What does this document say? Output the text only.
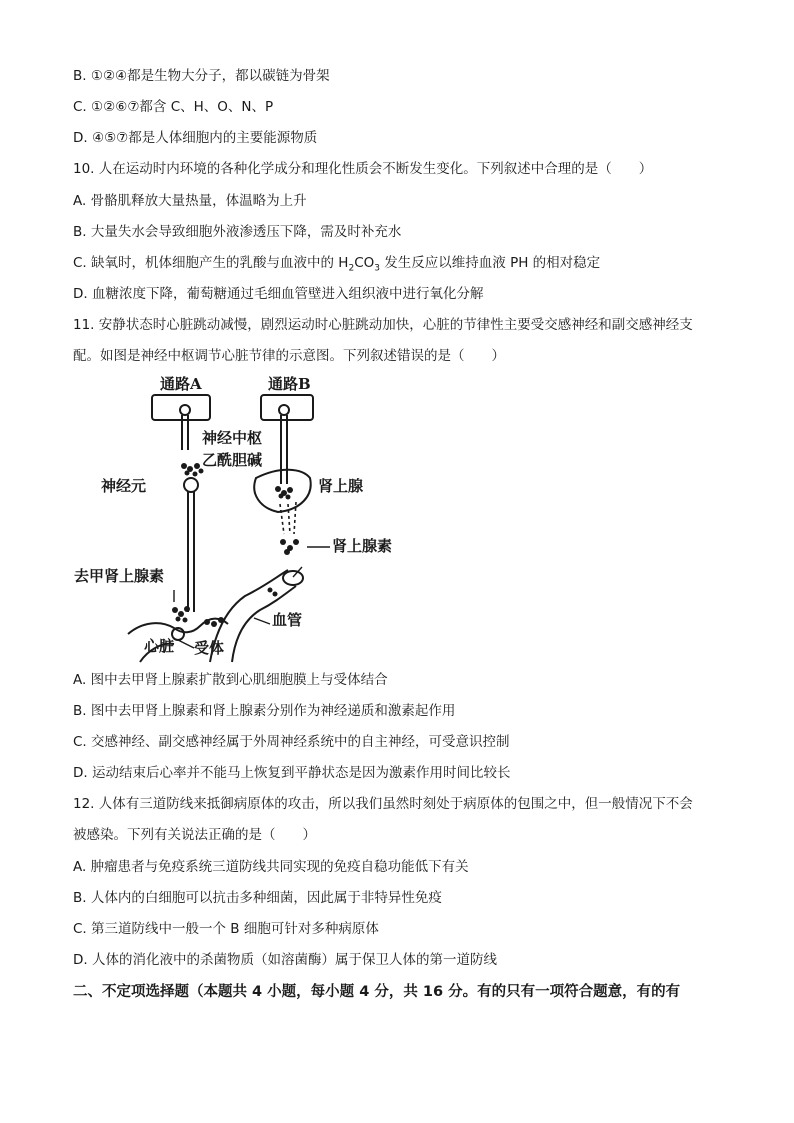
B. ①②④都是生物大分子，都以碳链为骨架
C. ①②⑥⑦都含 C、H、O、N、P
D. ④⑤⑦都是人体细胞内的主要能源物质
10. 人在运动时内环境的各种化学成分和理化性质会不断发生变化。下列叙述中合理的是（　　）
A. 骨骼肌释放大量热量，体温略为上升
B. 大量失水会导致细胞外液渗透压下降，需及时补充水
C. 缺氧时，机体细胞产生的乳酸与血液中的 $H_2CO_3$ 发生反应以维持血液 PH 的相对稳定
D. 血糖浓度下降，葡萄糖通过毛细血管壁进入组织液中进行氧化分解
11. 安静状态时心脏跳动减慢，剧烈运动时心脏跳动加快，心脏的节律性主要受交感神经和副交感神经支
配。如图是神经中枢调节心脏节律的示意图。下列叙述错误的是（　　）
通路A	通路B
神经中枢
乙酰胆碱
神经元	肾上腺
肾上腺素
去甲肾上腺素
血管
心脏 受体
A. 图中去甲肾上腺素扩散到心肌细胞膜上与受体结合
B. 图中去甲肾上腺素和肾上腺素分别作为神经递质和激素起作用
C. 交感神经、副交感神经属于外周神经系统中的自主神经，可受意识控制
D. 运动结束后心率并不能马上恢复到平静状态是因为激素作用时间比较长
12. 人体有三道防线来抵御病原体的攻击，所以我们虽然时刻处于病原体的包围之中，但一般情况下不会
被感染。下列有关说法正确的是（　　）
A. 肿瘤患者与免疫系统三道防线共同实现的免疫自稳功能低下有关
B. 人体内的白细胞可以抗击多种细菌，因此属于非特异性免疫
C. 第三道防线中一般一个 B 细胞可针对多种病原体
D. 人体的消化液中的杀菌物质（如溶菌酶）属于保卫人体的第一道防线
二、不定项选择题（本题共 4 小题，每小题 4 分，共 16 分。有的只有一项符合题意，有的有
